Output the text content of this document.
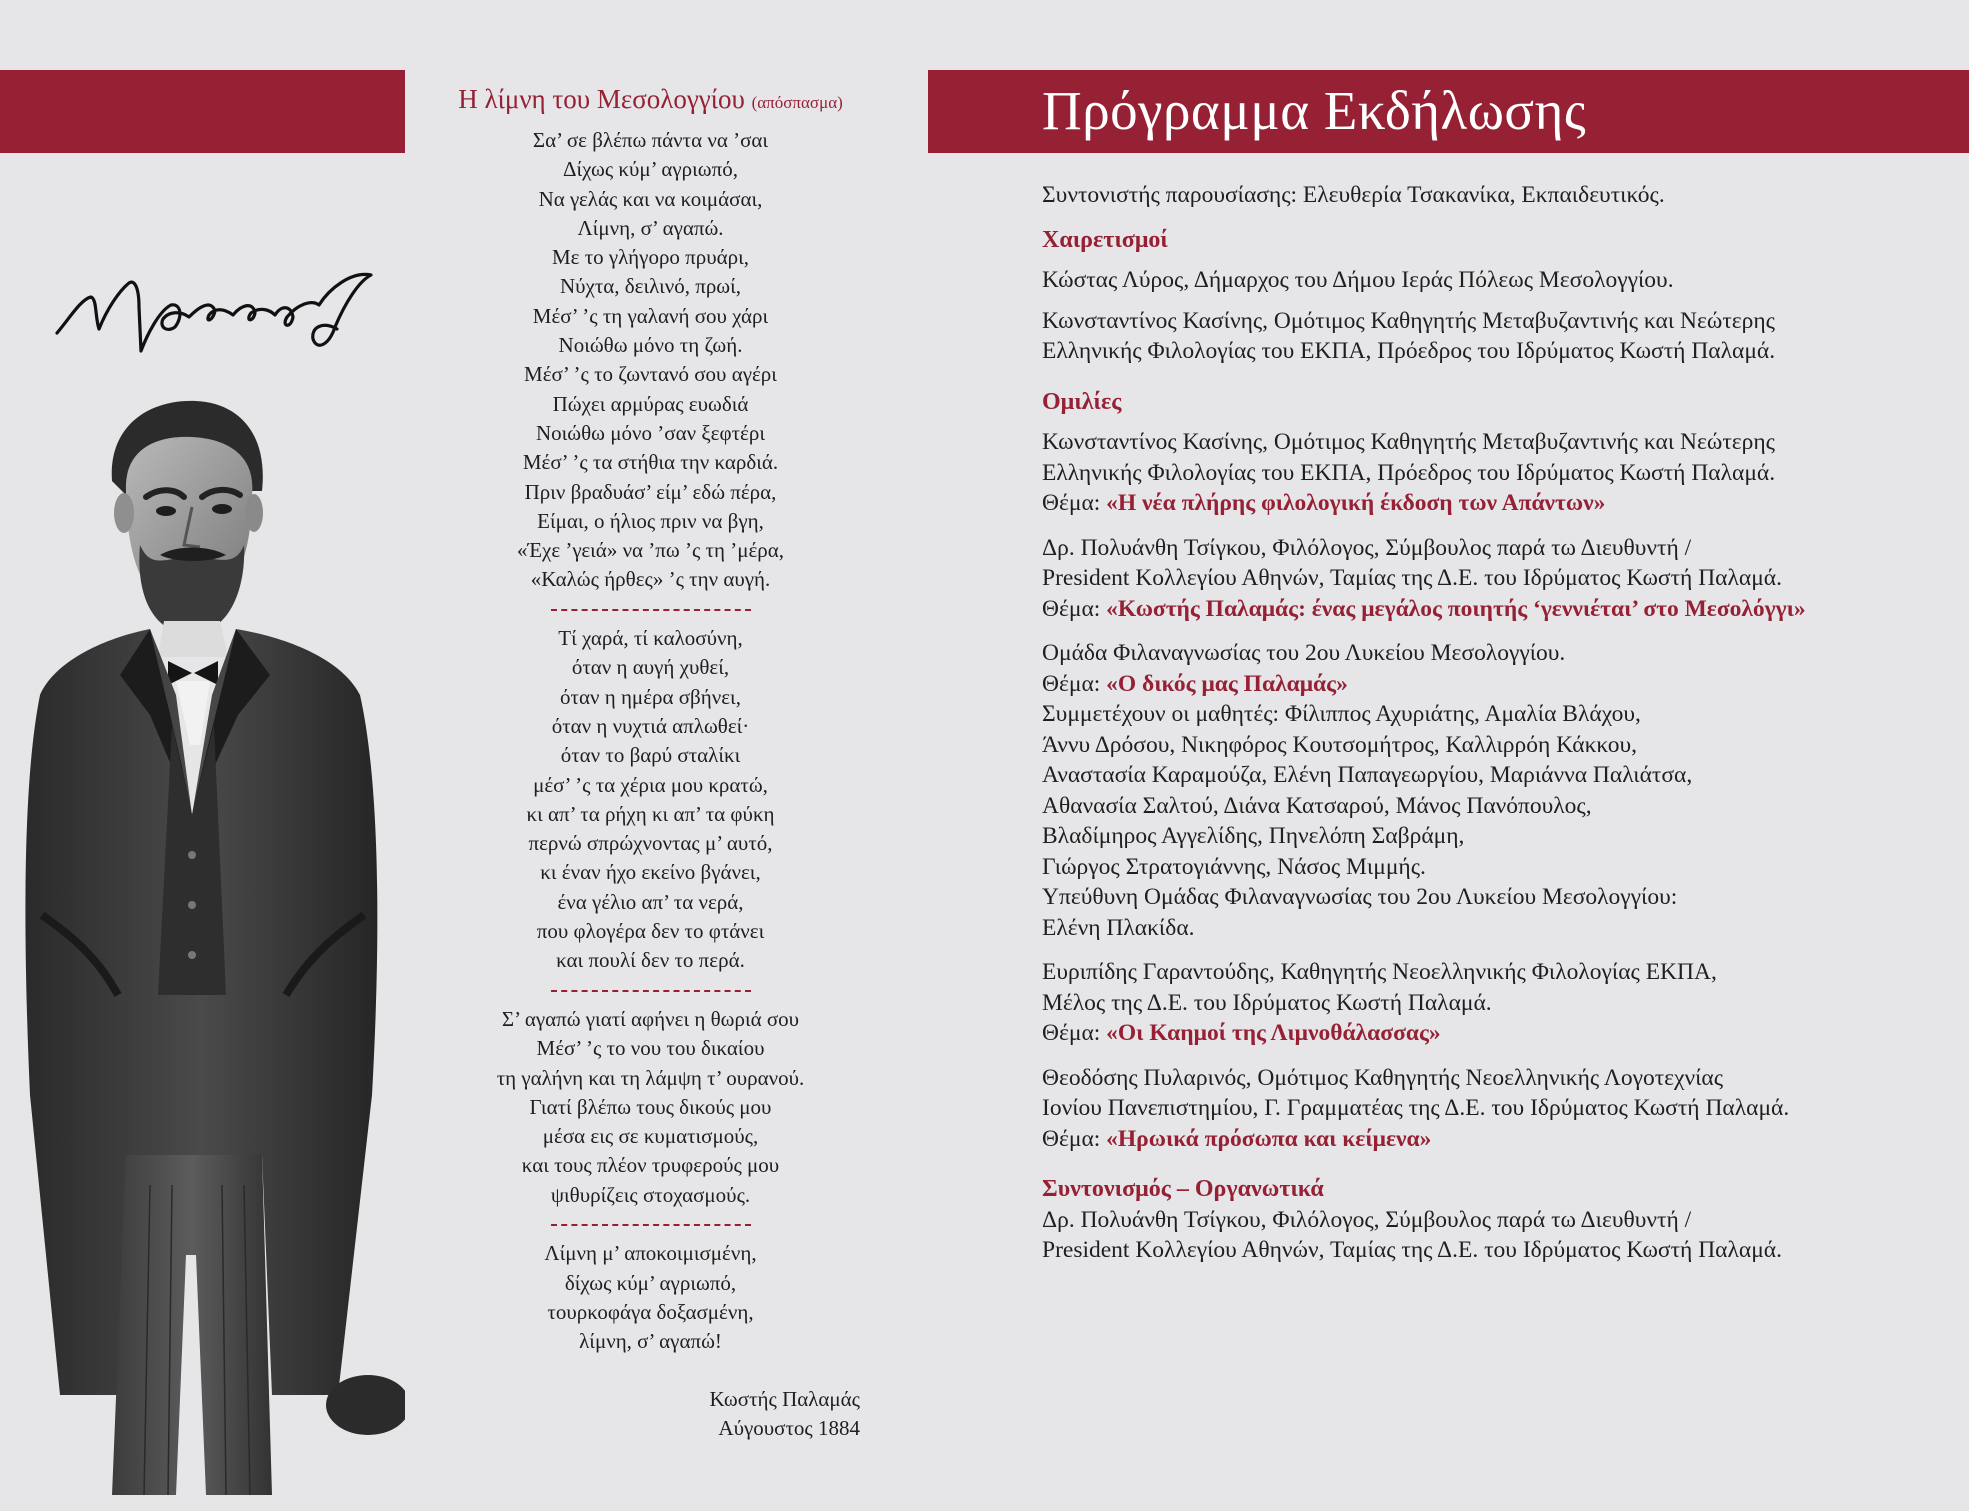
Η λίμνη του Μεσολογγίου (απόσπασμα)
Σα’ σε βλέπω πάντα να ’σαι
Δίχως κύμ’ αγριωπό,
Να γελάς και να κοιμάσαι,
Λίμνη, σ’ αγαπώ.
Με το γλήγορο πρυάρι,
Νύχτα, δειλινό, πρωί,
Μέσ’ ’ς τη γαλανή σου χάρι
Νοιώθω μόνο τη ζωή.
Μέσ’ ’ς το ζωντανό σου αγέρι
Πώχει αρμύρας ευωδιά
Νοιώθω μόνο ’σαν ξεφτέρι
Μέσ’ ’ς τα στήθια την καρδιά.
Πριν βραδυάσ’ είμ’ εδώ πέρα,
Είμαι, ο ήλιος πριν να βγη,
«Έχε ’γειά» να ’πω ’ς τη ’μέρα,
«Καλώς ήρθες» ’ς την αυγή.
Τί χαρά, τί καλοσύνη,
όταν η αυγή χυθεί,
όταν η ημέρα σβήνει,
όταν η νυχτιά απλωθεί·
όταν το βαρύ σταλίκι
μέσ’ ’ς τα χέρια μου κρατώ,
κι απ’ τα ρήχη κι απ’ τα φύκη
περνώ σπρώχνοντας μ’ αυτό,
κι έναν ήχο εκείνο βγάνει,
ένα γέλιο απ’ τα νερά,
που φλογέρα δεν το φτάνει
και πουλί δεν το περά.
Σ’ αγαπώ γιατί αφήνει η θωριά σου
Μέσ’ ’ς το νου του δικαίου
τη γαλήνη και τη λάμψη τ’ ουρανού.
Γιατί βλέπω τους δικούς μου
μέσα εις σε κυματισμούς,
και τους πλέον τρυφερούς μου
ψιθυρίζεις στοχασμούς.
Λίμνη μ’ αποκοιμισμένη,
δίχως κύμ’ αγριωπό,
τουρκοφάγα δοξασμένη,
λίμνη, σ’ αγαπώ!
Κωστής Παλαμάς
Αύγουστος 1884
Πρόγραμμα Εκδήλωσης
Συντονιστής παρουσίασης: Ελευθερία Τσακανίκα, Εκπαιδευτικός.
Χαιρετισμοί
Κώστας Λύρος, Δήμαρχος του Δήμου Ιεράς Πόλεως Μεσολογγίου.
Κωνσταντίνος Κασίνης, Ομότιμος Καθηγητής Μεταβυζαντινής και Νεώτερης
Ελληνικής Φιλολογίας του ΕΚΠΑ, Πρόεδρος του Ιδρύματος Κωστή Παλαμά.
Ομιλίες
Κωνσταντίνος Κασίνης, Ομότιμος Καθηγητής Μεταβυζαντινής και Νεώτερης
Ελληνικής Φιλολογίας του ΕΚΠΑ, Πρόεδρος του Ιδρύματος Κωστή Παλαμά.
Θέμα: «Η νέα πλήρης φιλολογική έκδοση των Απάντων»
Δρ. Πολυάνθη Τσίγκου, Φιλόλογος, Σύμβουλος παρά τω Διευθυντή /
President Κολλεγίου Αθηνών, Ταμίας της Δ.Ε. του Ιδρύματος Κωστή Παλαμά.
Θέμα: «Κωστής Παλαμάς: ένας μεγάλος ποιητής ‘γεννιέται’ στο Μεσολόγγι»
Ομάδα Φιλαναγνωσίας του 2ου Λυκείου Μεσολογγίου.
Θέμα: «Ο δικός μας Παλαμάς»
Συμμετέχουν οι μαθητές: Φίλιππος Αχυριάτης, Αμαλία Βλάχου,
Άννυ Δρόσου, Νικηφόρος Κουτσομήτρος, Καλλιρρόη Κάκκου,
Αναστασία Καραμούζα, Ελένη Παπαγεωργίου, Μαριάννα Παλιάτσα,
Αθανασία Σαλτού, Διάνα Κατσαρού, Μάνος Πανόπουλος,
Βλαδίμηρος Αγγελίδης, Πηνελόπη Σαβράμη,
Γιώργος Στρατογιάννης, Νάσος Μιμμής.
Υπεύθυνη Ομάδας Φιλαναγνωσίας του 2ου Λυκείου Μεσολογγίου:
Ελένη Πλακίδα.
Ευριπίδης Γαραντούδης, Καθηγητής Νεοελληνικής Φιλολογίας ΕΚΠΑ,
Μέλος της Δ.Ε. του Ιδρύματος Κωστή Παλαμά.
Θέμα: «Οι Καημοί της Λιμνοθάλασσας»
Θεοδόσης Πυλαρινός, Ομότιμος Καθηγητής Νεοελληνικής Λογοτεχνίας
Ιονίου Πανεπιστημίου, Γ. Γραμματέας της Δ.Ε. του Ιδρύματος Κωστή Παλαμά.
Θέμα: «Ηρωικά πρόσωπα και κείμενα»
Συντονισμός – Οργανωτικά
Δρ. Πολυάνθη Τσίγκου, Φιλόλογος, Σύμβουλος παρά τω Διευθυντή /
President Κολλεγίου Αθηνών, Ταμίας της Δ.Ε. του Ιδρύματος Κωστή Παλαμά.
